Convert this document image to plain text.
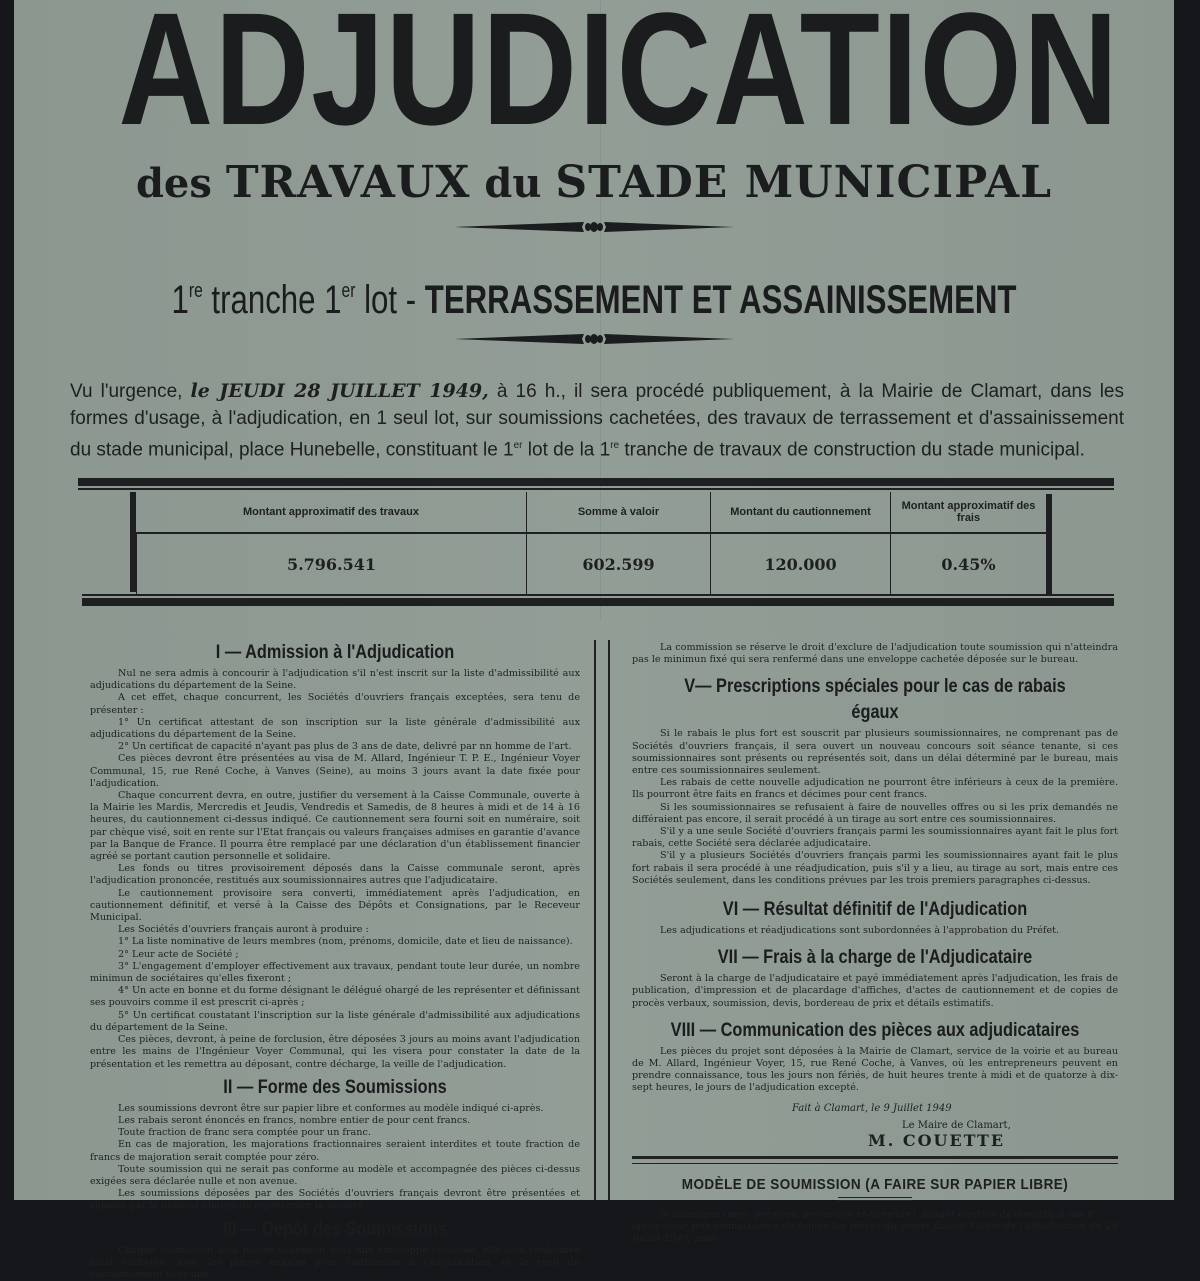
ADJUDICATION
des TRAVAUX du STADE MUNICIPAL
1re tranche 1er lot - TERRASSEMENT ET ASSAINISSEMENT
Vu l'urgence, le JEUDI 28 JUILLET 1949, à 16 h., il sera procédé publiquement, à la Mairie de Clamart, dans les formes d'usage, à l'adjudication, en 1 seul lot, sur soumissions cachetées, des travaux de terrassement et d'assainissement du stade municipal, place Hunebelle, constituant le 1er lot de la 1re tranche de travaux de construction du stade municipal.
Montant approximatif des travaux	Somme à valoir	Montant du cautionnement	Montant approximatif des frais
5.796.541	602.599	120.000	0.45%
I — Admission à l'Adjudication

Nul ne sera admis à concourir à l'adjudication s'il n'est inscrit sur la liste d'admissibilité aux adjudications du département de la Seine.

A cet effet, chaque concurrent, les Sociétés d'ouvriers français exceptées, sera tenu de présenter :

1° Un certificat attestant de son inscription sur la liste générale d'admissibilité aux adjudications du département de la Seine.

2° Un certificat de capacité n'ayant pas plus de 3 ans de date, delivré par nn homme de l'art.

Ces pièces devront être présentées au visa de M. Allard, Ingénieur T. P. E., Ingénieur Voyer Communal, 15, rue René Coche, à Vanves (Seine), au moins 3 jours avant la date fixée pour l'adjudication.

Chaque concurrent devra, en outre, justifier du versement à la Caisse Communale, ouverte à la Mairie les Mardis, Mercredis et Jeudis, Vendredis et Samedis, de 8 heures à midi et de 14 à 16 heures, du cautionnement ci-dessus indiqué. Ce cautionnement sera fourni soit en numéraire, soit par chèque visé, soit en rente sur l'Etat français ou valeurs françaises admises en garantie d'avance par la Banque de France. Il pourra être remplacé par une déclaration d'un établissement financier agréé se portant caution personnelle et solidaire.

Les fonds ou titres provisoirement déposés dans la Caisse communale seront, après l'adjudication prononcée, restitués aux soumissionnaires autres que l'adjudicataire.

Le cautionnement provisoire sera converti, immédiatement après l'adjudication, en cautionnement définitif, et versé à la Caisse des Dépôts et Consignations, par le Receveur Municipal.

Les Sociétés d'ouvriers français auront à produire :

1° La liste nominative de leurs membres (nom, prénoms, domicile, date et lieu de naissance).

2° Leur acte de Société ;

3° L'engagement d'employer effectivement aux travaux, pendant toute leur durée, un nombre minimun de sociétaires qu'elles fixeront ;

4° Un acte en bonne et du forme désignant le délégué ohargé de les représenter et définissant ses pouvoirs comme il est prescrit ci-après ;

5° Un certificat coustatant l'inscription sur la liste générale d'admissibilité aux adjudications du département de la Seine.

Ces pièces, devront, à peine de forclusion, être déposées 3 jours au moins avant l'adjudication entre les mains de l'Ingénieur Voyer Communal, qui les visera pour constater la date de la présentation et les remettra au déposant, contre décharge, la veille de l'adjudication.

II — Forme des Soumissions

Les soumissions devront être sur papier libre et conformes au modèle indiqué ci-après.

Les rabais seront énoncés en francs, nombre entier de pour cent francs.

Toute fraction de franc sera comptée pour un franc.

En cas de majoration, les majorations fractionnaires seraient interdites et toute fraction de francs de majoration serait comptée pour zéro.

Toute soumission qui ne serait pas conforme au modèle et accompagnée des pièces ci-dessus exigées sera déclarée nulle et non avenue.

Les soumissions déposées par des Sociétés d'ouvriers français devront être présentées et signées par le délégué chargé de représenter la Société.

III — Dépôt des Soumissions

Chaque soumission sera placée isolément sous une enveloppe cachetée, elle sera renfermée ainsi cachetée, avec les pièces exigées pour l'admission à l'adjudication, et le reçu du cautionnement sous une

La commission se réserve le droit d'exclure de l'adjudication toute soumission qui n'atteindra pas le minimun fixé qui sera renfermé dans une enveloppe cachetée déposée sur le bureau.

V— Prescriptions spéciales pour le cas de rabais égaux

Si le rabais le plus fort est souscrit par plusieurs soumissionnaires, ne comprenant pas de Sociétés d'ouvriers français, il sera ouvert un nouveau concours soit séance tenante, si ces soumissionnaires sont présents ou représentés soit, dans un délai déterminé par le bureau, mais entre ces soumissionnaires seulement.

Les rabais de cette nouvelle adjudication ne pourront être inférieurs à ceux de la première. Ils pourront être faits en francs et décimes pour cent francs.

Si les soumissionnaires se refusaient à faire de nouvelles offres ou si les prix demandés ne différaient pas encore, il serait procédé à un tirage au sort entre ces soumissionnaires.

S'il y a une seule Société d'ouvriers français parmi les soumissionnaires ayant fait le plus fort rabais, cette Société sera déclarée adjudicataire.

S'il y a plusieurs Sociétés d'ouvriers français parmi les soumissionnaires ayant fait le plus fort rabais il sera procédé à une réadjudication, puis s'il y a lieu, au tirage au sort, mais entre ces Sociétés seulement, dans les conditions prévues par les trois premiers paragraphes ci-dessus.

VI — Résultat définitif de l'Adjudication

Les adjudications et réadjudications sont subordonnées à l'approbation du Préfet.

VII — Frais à la charge de l'Adjudicataire

Seront à la charge de l'adjudicataire et payé immédiatement après l'adjudication, les frais de publication, d'impression et de placardage d'affiches, d'actes de cautionnement et de copies de procès verbaux, soumission, devis, bordereau de prix et détails estimatifs.

VIII — Communication des pièces aux adjudicataires

Les pièces du projet sont déposées à la Mairie de Clamart, service de la voirie et au bureau de M. Allard, Ingénieur Voyer, 15, rue René Coche, à Vanves, où les entrepreneurs peuvent en prendre connaissance, tous les jours non fériés, de huit heures trente à midi et de quatorze à dix-sept heures, le jours de l'adjudication excepté.

Fait à Clamart, le 9 Juillet 1949
Le Maire de Clamart,
M. COUETTE
MODÈLE DE SOUMISSION (A FAIRE SUR PAPIER LIBRE)

Je soussigné (nom, prénoms, profession et demeure), faisant élection de domicile à rue n°

après avoir pris connaissance de toutes les pièces du projet faisant l'objet de l'adjudication du 28 Juillet 1949, pour
